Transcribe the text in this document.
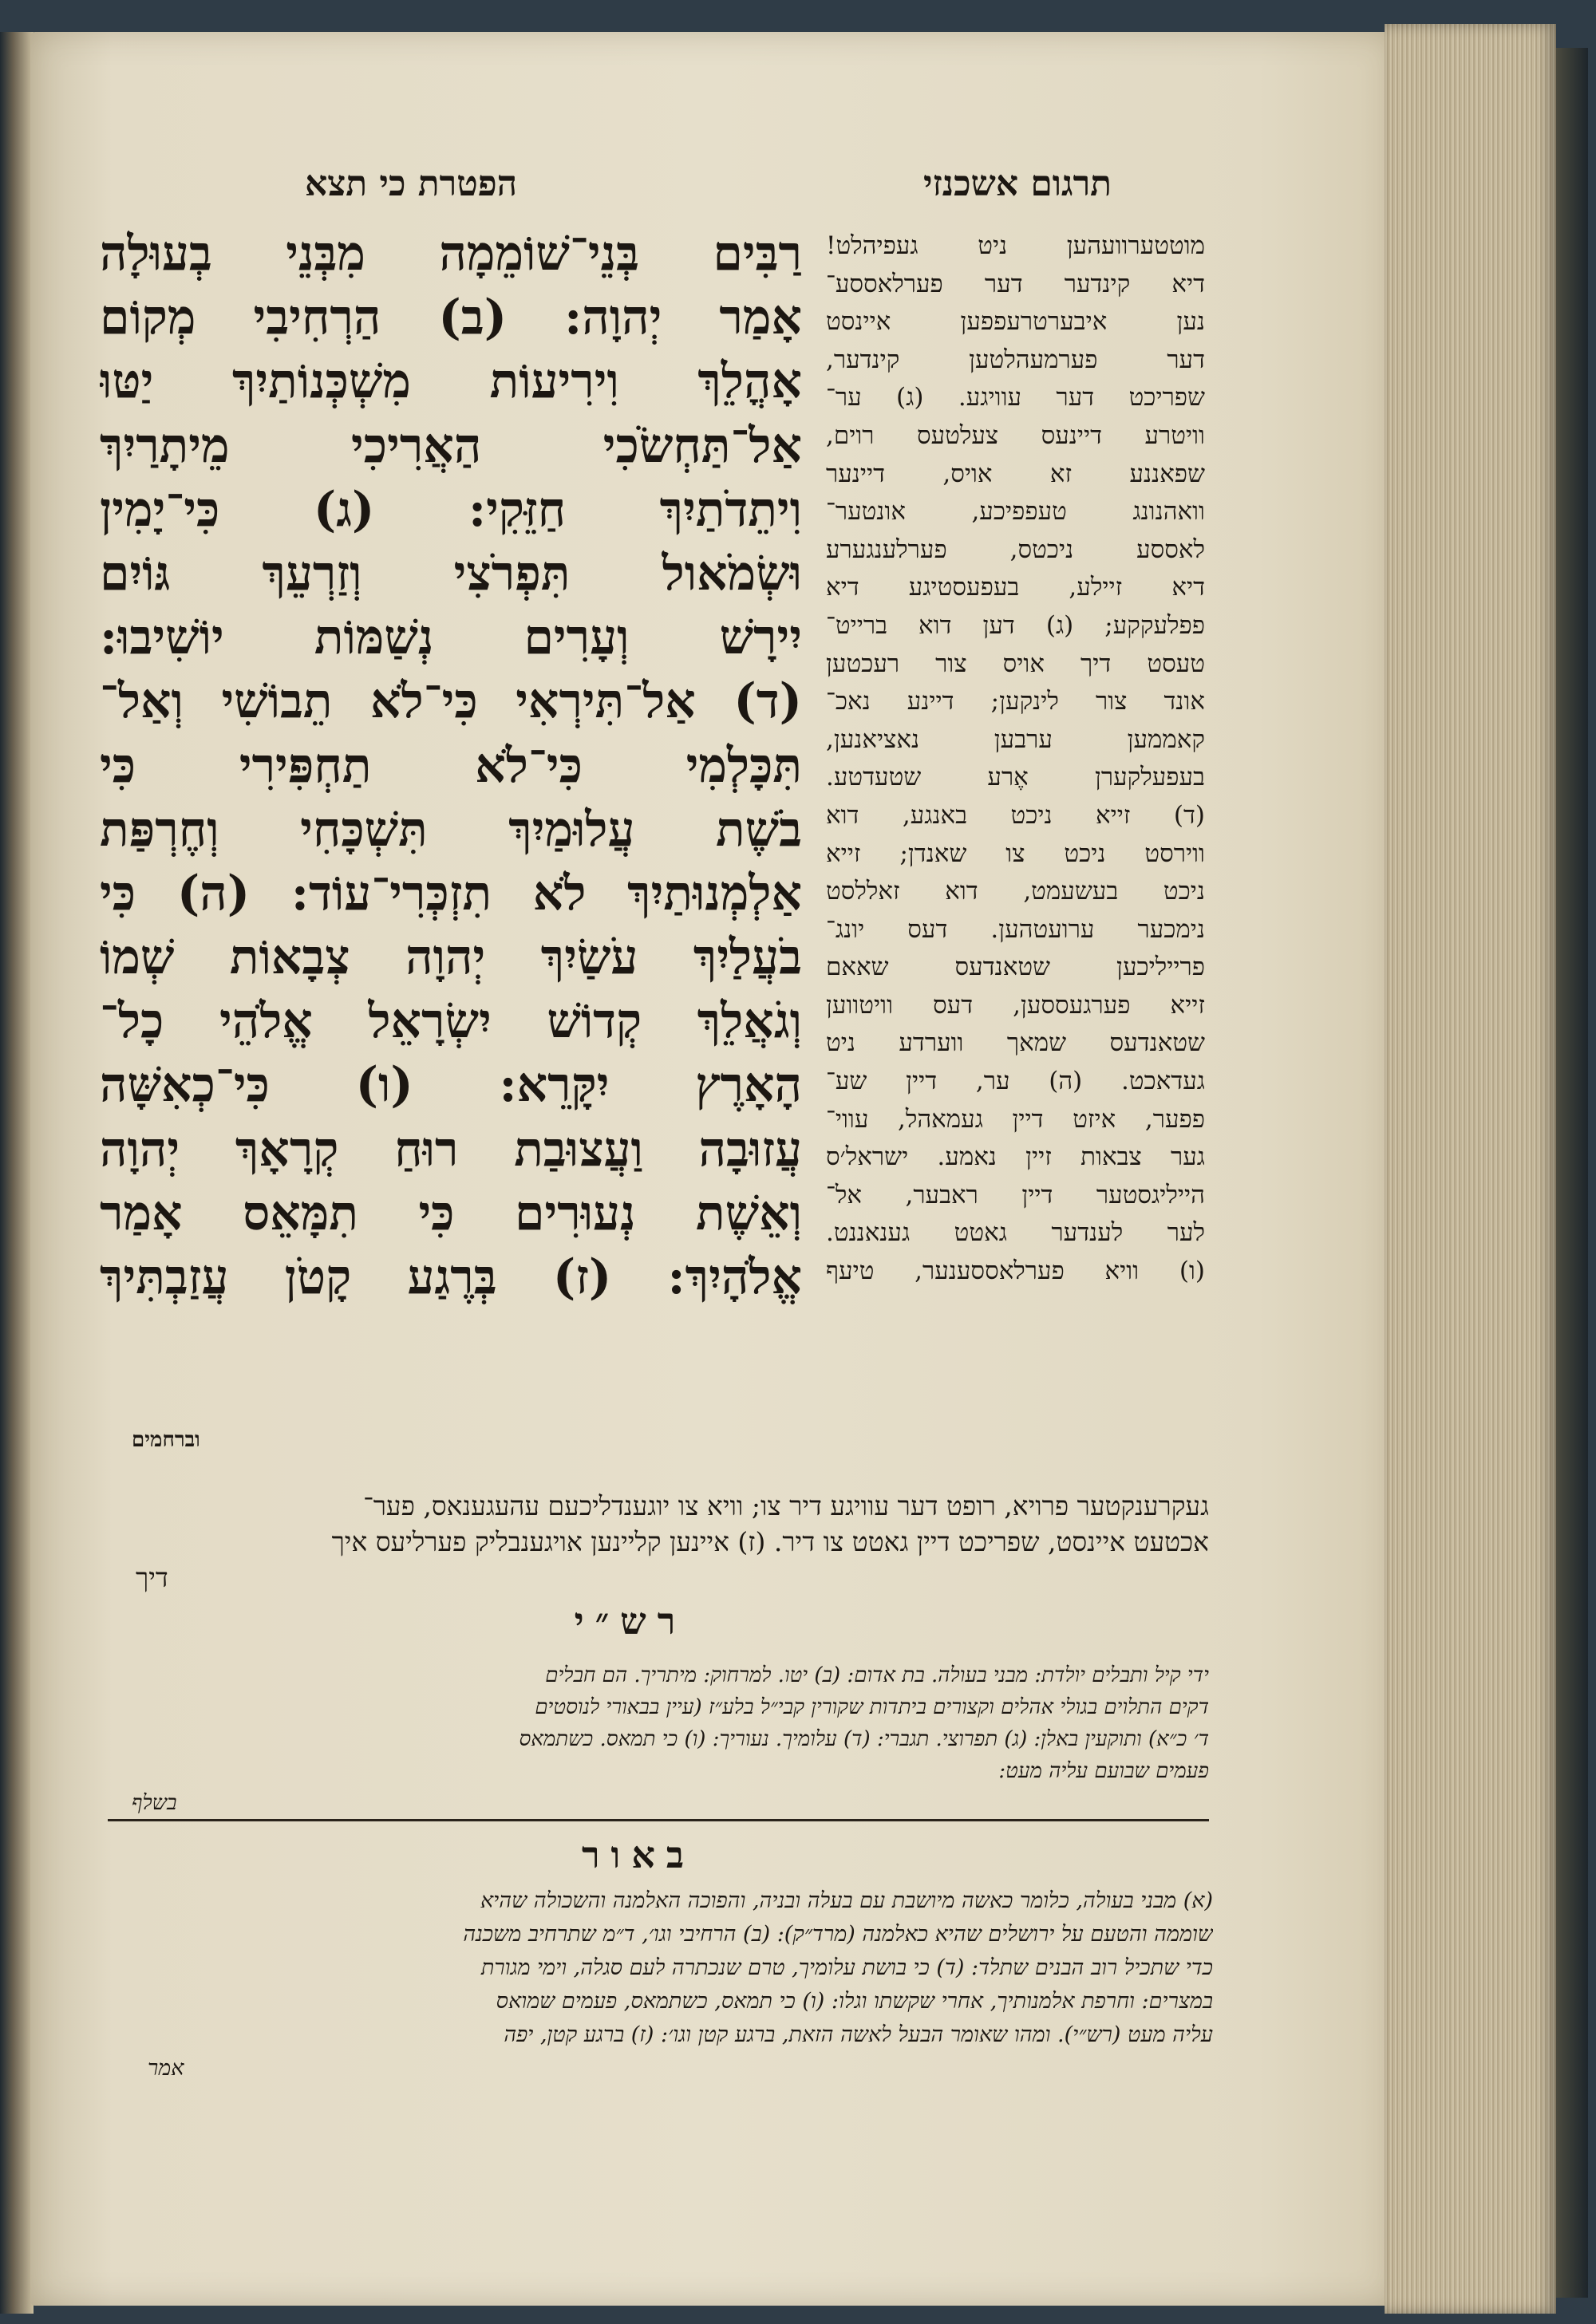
תרגום אשכנזי
הפטרת כי תצא
רַבִּים בְּנֵי־שׁוֹמֵמָה מִבְּנֵי בְעוּלָה
אָמַר יְהוָה: (ב) הַרְחִיבִי מְקוֹם
אָהֳלֵךְ וִירִיעוֹת מִשְׁכְּנוֹתַיִךְ יַטּוּ
אַל־תַּחְשֹׂכִי הַאֲרִיכִי מֵיתָרַיִךְ
וִיתֵדֹתַיִךְ חַזֵּקִי: (ג) כִּי־יָמִין
וּשְׂמֹאול תִּפְרֹצִי וְזַרְעֵךְ גּוֹיִם
יִירָשׁ וְעָרִים נְשַׁמּוֹת יוֹשִׁיבוּ:
(ד) אַל־תִּירְאִי כִּי־לֹא תֵבוֹשִׁי וְאַל־
תִּכָּלְמִי כִּי־לֹא תַחְפִּירִי כִּי
בֹשֶׁת עֲלוּמַיִךְ תִּשְׁכָּחִי וְחֶרְפַּת
אַלְמְנוּתַיִךְ לֹא תִזְכְּרִי־עוֹד: (ה) כִּי
בֹעֲלַיִךְ עֹשַׂיִךְ יְהוָה צְבָאוֹת שְׁמוֹ
וְגֹאֲלֵךְ קְדוֹשׁ יִשְׂרָאֵל אֱלֹהֵי כָל־
הָאָרֶץ יִקָּרֵא: (ו) כִּי־כְאִשָּׁה
עֲזוּבָה וַעֲצוּבַת רוּחַ קְרָאָךְ יְהוָה
וְאֵשֶׁת נְעוּרִים כִּי תִמָּאֵס אָמַר
אֱלֹהָיִךְ: (ז) בְּרֶגַע קָטֹן עֲזַבְתִּיךְ
וברחמים
מוטטערוועהען ניט געפיהלט!
דיא קינדער דער פערלאססע־
נען איבערטרעפפען איינסט
דער פערמעהלטען קינדער,
שפריכט דער עוויגע. (ג) ער־
וויטרע דיינעס צעלטעס רוים,
שפאננע זא אויס, דיינער
וואהנונג טעפפיכע, אונטער־
לאססע ניכטס, פערלענגערע
דיא זיילע, בעפעסטיגע דיא
פפלעקקע; (ג) דען דוא ברייט־
טעסט דיך אויס צור רעכטען
אונד צור לינקען; דיינע נאכ־
קאממען ערבען נאציאנען,
בעפעלקערן אֶרע שטעדטע.
(ד) זייא ניכט באנגע, דוא
ווירסט ניכט צו שאנדן; זייא
ניכט בעשעמט, דוא זאללסט
נימכער ערועטהען. דעס יונג־
פרייליכען שטאנדעס שאאם
זייא פערגעססען, דעס וויטווען
שטאנדעס שמאך ווערדע ניט
געדאכט. (ה) ער, דיין שע־
פפער, איזט דיין געמאהל, עווי־
גער צבאות זיין נאמע. ישראל׳ס
הייליגסטער דיין ראבער, אל־
לער לענדער גאטט גענאננט.
(ו) וויא פערלאססענער, טיעף
געקרענקטער פרויא, רופט דער עוויגע דיר צו; וויא צו יוגענדליכעם עהעגענאס, פער־
אכטעט איינסט, שפריכט דיין גאטט צו דיר. (ז) איינען קליינען אויגענבליק פערליעס איך
דיך
רש״י
ידי קיל ותבלים יולדת: מבני בעולה. בת אדום: (ב) יטו. למרחוק: מיתריך. הם חבלים
דקים התלוים בגולי אהלים וקצורים ביתדות שקורין קבי״ל בלע״ז (עיין בבאורי לנוסטים
ד׳ כ״א) ותוקעין באלן: (ג) תפרוצי. תגברי: (ד) עלומיך. נעוריך: (ו) כי תמאס. כשתמאס
פעמים שבועם עליה מעט:
בשלף
באור
(א) מבני בעולה, כלומר כאשה מיושבת עם בעלה ובניה, והפוכה האלמנה והשכולה שהיא
שוממה והטעם על ירושלים שהיא כאלמנה (מרד״ק): (ב) הרחיבי וגו׳, ד״מ שתרחיב משכנה
כדי שתכיל רוב הבנים שתלד: (ד) כי בושת עלומיך, טרם שנכתרה לעם סגלה, וימי מגורת
במצרים: וחרפת אלמנותיך, אחרי שקשתו וגלו: (ו) כי תמאס, כשתמאס, פעמים שמואס
עליה מעט (רש״י). ומהו שאומר הבעל לאשה הזאת, ברגע קטן וגו׳: (ז) ברגע קטן, יפה
אמר
